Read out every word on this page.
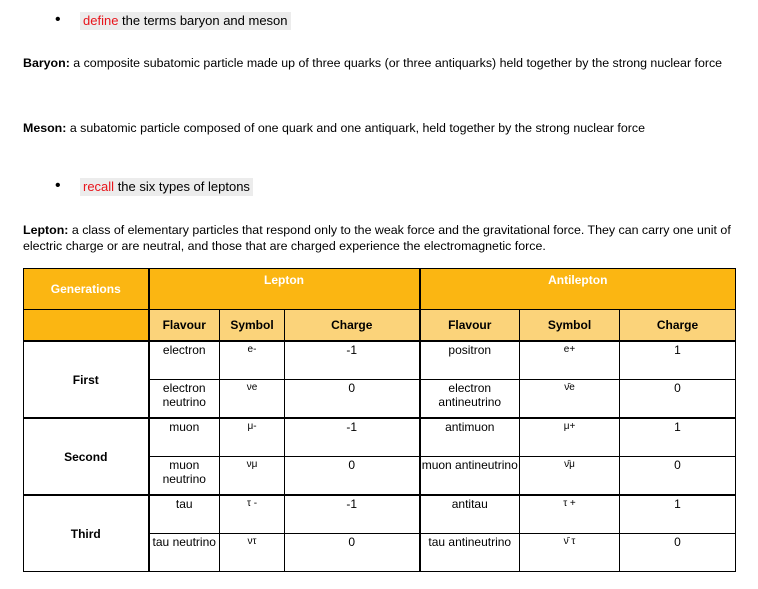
• define the terms baryon and meson
Baryon: a composite subatomic particle made up of three quarks (or three antiquarks) held together by the strong nuclear force
Meson: a subatomic particle composed of one quark and one antiquark, held together by the strong nuclear force
• recall the six types of leptons
Lepton: a class of elementary particles that respond only to the weak force and the gravitational force. They can carry one unit of electric charge or are neutral, and those that are charged experience the electromagnetic force.
Generations	Lepton			Antilepton		
	Flavour	Symbol	Charge	Flavour	Symbol	Charge
First	electron	e-	-1	positron	e+	1
	electron neutrino	νe	0	electron antineutrino	ν̄e	0
Second	muon	μ-	-1	antimuon	μ+	1
	muon neutrino	νμ	0	muon antineutrino	ν̄μ	0
Third	tau	τ -	-1	antitau	τ +	1
	tau neutrino	ντ	0	tau antineutrino	ν̄ τ	0
